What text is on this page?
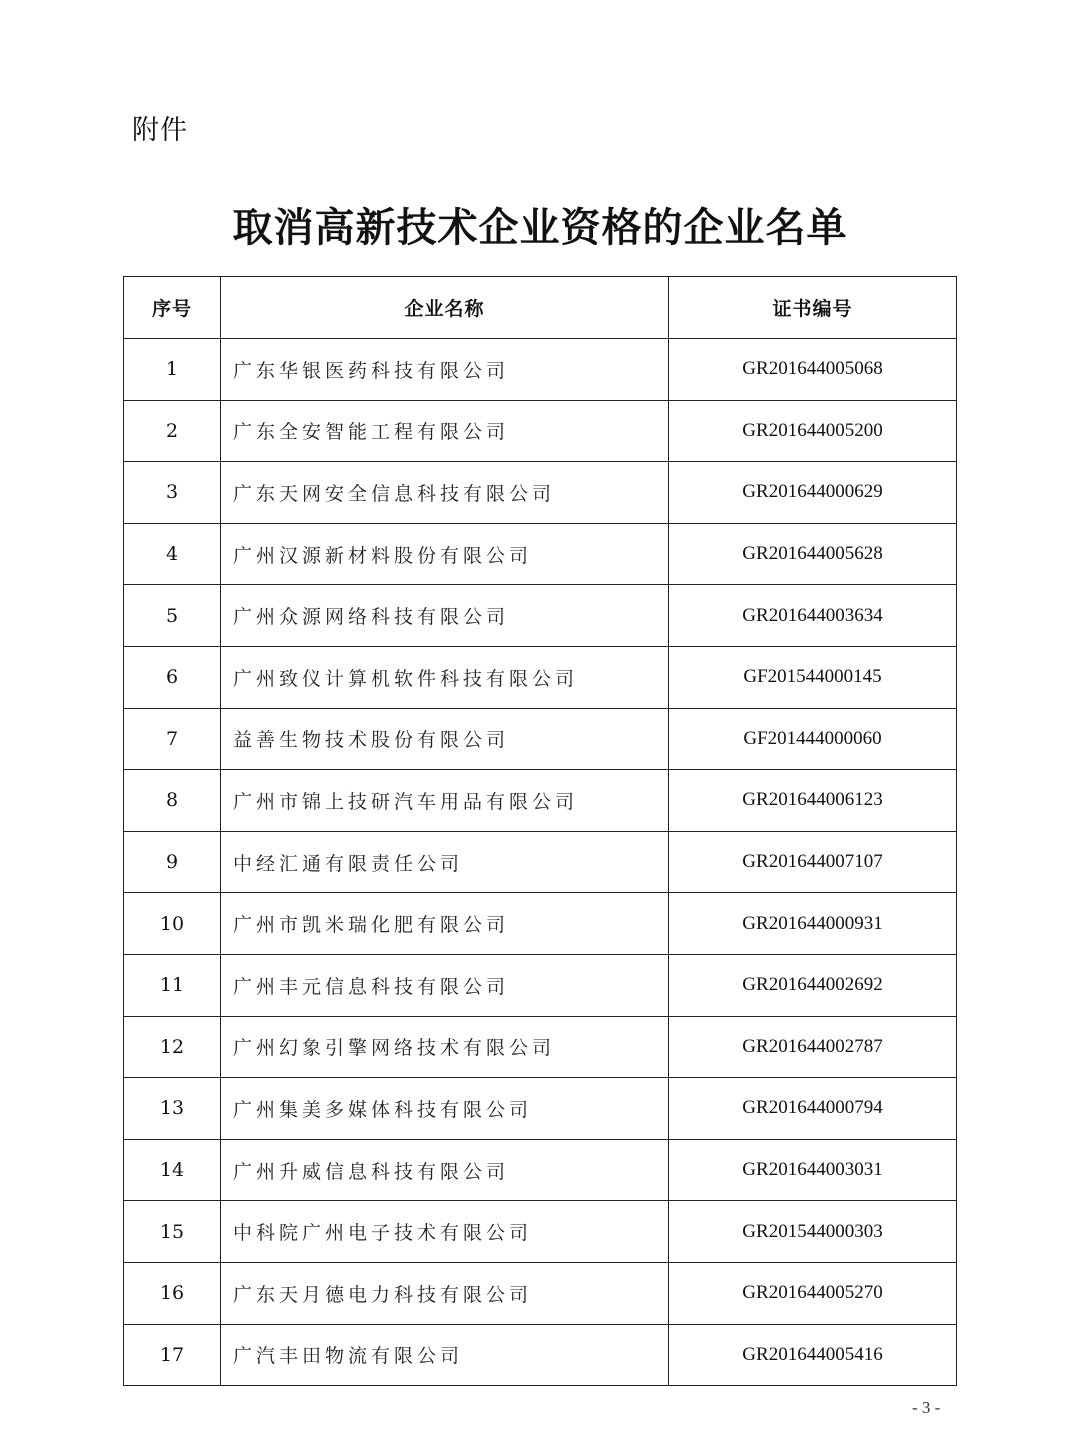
附件
取消高新技术企业资格的企业名单
序号	企业名称	证书编号
1	广东华银医药科技有限公司	GR201644005068
2	广东全安智能工程有限公司	GR201644005200
3	广东天网安全信息科技有限公司	GR201644000629
4	广州汉源新材料股份有限公司	GR201644005628
5	广州众源网络科技有限公司	GR201644003634
6	广州致仪计算机软件科技有限公司	GF201544000145
7	益善生物技术股份有限公司	GF201444000060
8	广州市锦上技研汽车用品有限公司	GR201644006123
9	中经汇通有限责任公司	GR201644007107
10	广州市凯米瑞化肥有限公司	GR201644000931
11	广州丰元信息科技有限公司	GR201644002692
12	广州幻象引擎网络技术有限公司	GR201644002787
13	广州集美多媒体科技有限公司	GR201644000794
14	广州升威信息科技有限公司	GR201644003031
15	中科院广州电子技术有限公司	GR201544000303
16	广东天月德电力科技有限公司	GR201644005270
17	广汽丰田物流有限公司	GR201644005416
- 3 -
